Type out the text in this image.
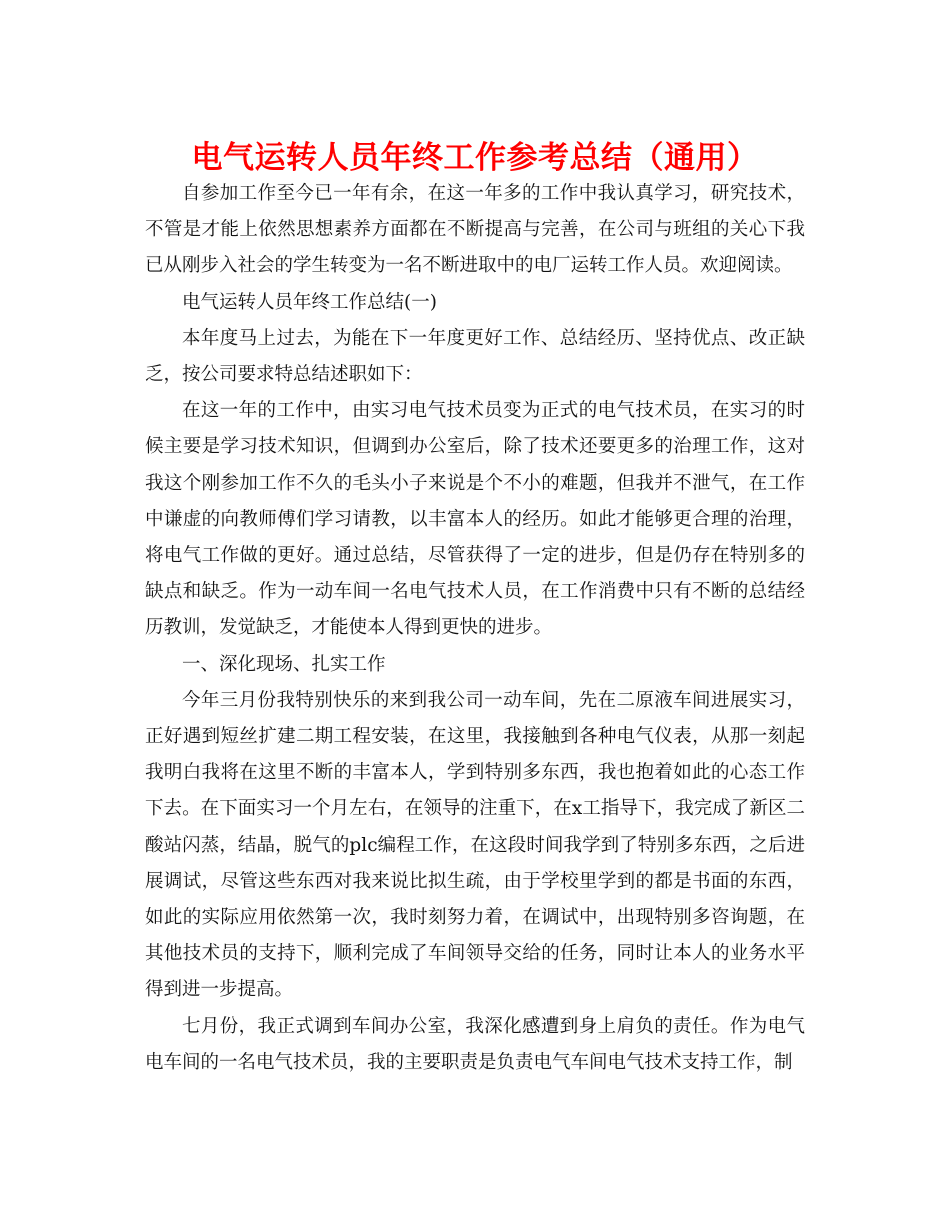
电气运转人员年终工作参考总结（通用）

自参加工作至今已一年有余，在这一年多的工作中我认真学习，研究技术，不管是才能上依然思想素养方面都在不断提高与完善，在公司与班组的关心下我已从刚步入社会的学生转变为一名不断进取中的电厂运转工作人员。欢迎阅读。

电气运转人员年终工作总结(一)

本年度马上过去，为能在下一年度更好工作、总结经历、坚持优点、改正缺乏，按公司要求特总结述职如下：

在这一年的工作中，由实习电气技术员变为正式的电气技术员，在实习的时候主要是学习技术知识，但调到办公室后，除了技术还要更多的治理工作，这对我这个刚参加工作不久的毛头小子来说是个不小的难题，但我并不泄气，在工作中谦虚的向教师傅们学习请教，以丰富本人的经历。如此才能够更合理的治理，将电气工作做的更好。通过总结，尽管获得了一定的进步，但是仍存在特别多的缺点和缺乏。作为一动车间一名电气技术人员，在工作消费中只有不断的总结经历教训，发觉缺乏，才能使本人得到更快的进步。

一、深化现场、扎实工作

今年三月份我特别快乐的来到我公司一动车间，先在二原液车间进展实习，正好遇到短丝扩建二期工程安装，在这里，我接触到各种电气仪表，从那一刻起我明白我将在这里不断的丰富本人，学到特别多东西，我也抱着如此的心态工作下去。在下面实习一个月左右，在领导的注重下，在x工指导下，我完成了新区二酸站闪蒸，结晶，脱气的plc编程工作，在这段时间我学到了特别多东西，之后进展调试，尽管这些东西对我来说比拟生疏，由于学校里学到的都是书面的东西，如此的实际应用依然第一次，我时刻努力着，在调试中，出现特别多咨询题，在其他技术员的支持下，顺利完成了车间领导交给的任务，同时让本人的业务水平得到进一步提高。

七月份，我正式调到车间办公室，我深化感遭到身上肩负的责任。作为电气电车间的一名电气技术员，我的主要职责是负责电气车间电气技术支持工作，制
